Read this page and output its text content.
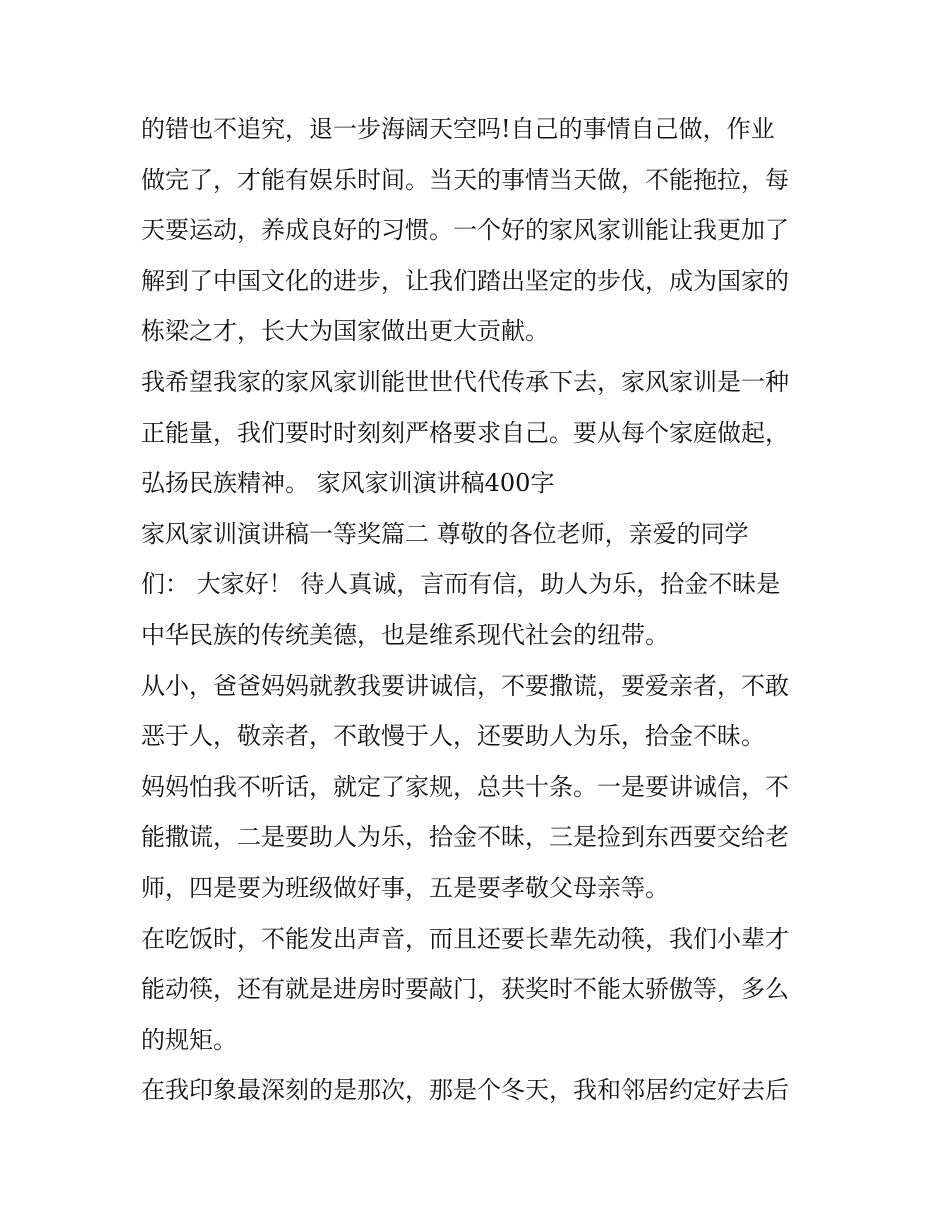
的错也不追究，退一步海阔天空吗!自己的事情自己做，作业
做完了，才能有娱乐时间。当天的事情当天做，不能拖拉，每
天要运动，养成良好的习惯。一个好的家风家训能让我更加了
解到了中国文化的进步，让我们踏出坚定的步伐，成为国家的
栋梁之才，长大为国家做出更大贡献。
我希望我家的家风家训能世世代代传承下去，家风家训是一种
正能量，我们要时时刻刻严格要求自己。要从每个家庭做起，
弘扬民族精神。 家风家训演讲稿400字
家风家训演讲稿一等奖篇二 尊敬的各位老师，亲爱的同学
们： 大家好！ 待人真诚，言而有信，助人为乐，拾金不昧是
中华民族的传统美德，也是维系现代社会的纽带。
从小，爸爸妈妈就教我要讲诚信，不要撒谎，要爱亲者，不敢
恶于人，敬亲者，不敢慢于人，还要助人为乐，拾金不昧。
妈妈怕我不听话，就定了家规，总共十条。一是要讲诚信，不
能撒谎，二是要助人为乐，拾金不昧，三是捡到东西要交给老
师，四是要为班级做好事，五是要孝敬父母亲等。
在吃饭时，不能发出声音，而且还要长辈先动筷，我们小辈才
能动筷，还有就是进房时要敲门，获奖时不能太骄傲等，多么
的规矩。
在我印象最深刻的是那次，那是个冬天，我和邻居约定好去后
